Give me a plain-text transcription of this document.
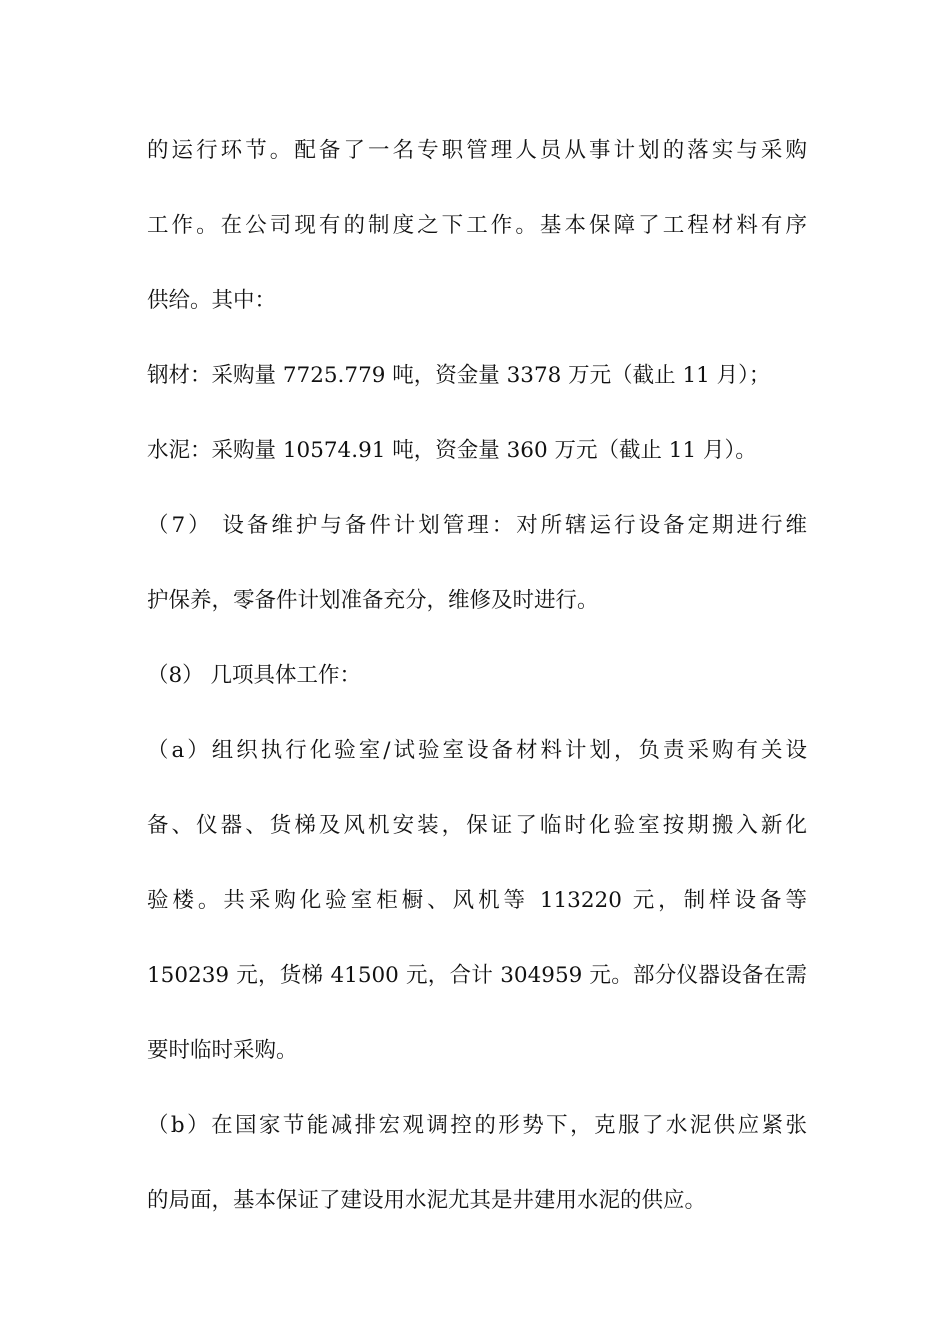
的运行环节。配备了一名专职管理人员从事计划的落实与采购
工作。在公司现有的制度之下工作。基本保障了工程材料有序
供给。其中：
钢材：采购量 7725.779 吨，资金量 3378 万元（截止 11 月）；
水泥：采购量 10574.91 吨，资金量 360 万元（截止 11 月）。
（7） 设备维护与备件计划管理：对所辖运行设备定期进行维
护保养，零备件计划准备充分，维修及时进行。
（8） 几项具体工作：
（a）组织执行化验室/试验室设备材料计划，负责采购有关设
备、仪器、货梯及风机安装，保证了临时化验室按期搬入新化
验楼。共采购化验室柜橱、风机等 113220 元，制样设备等
150239 元，货梯 41500 元，合计 304959 元。部分仪器设备在需
要时临时采购。
（b）在国家节能减排宏观调控的形势下，克服了水泥供应紧张
的局面，基本保证了建设用水泥尤其是井建用水泥的供应。
